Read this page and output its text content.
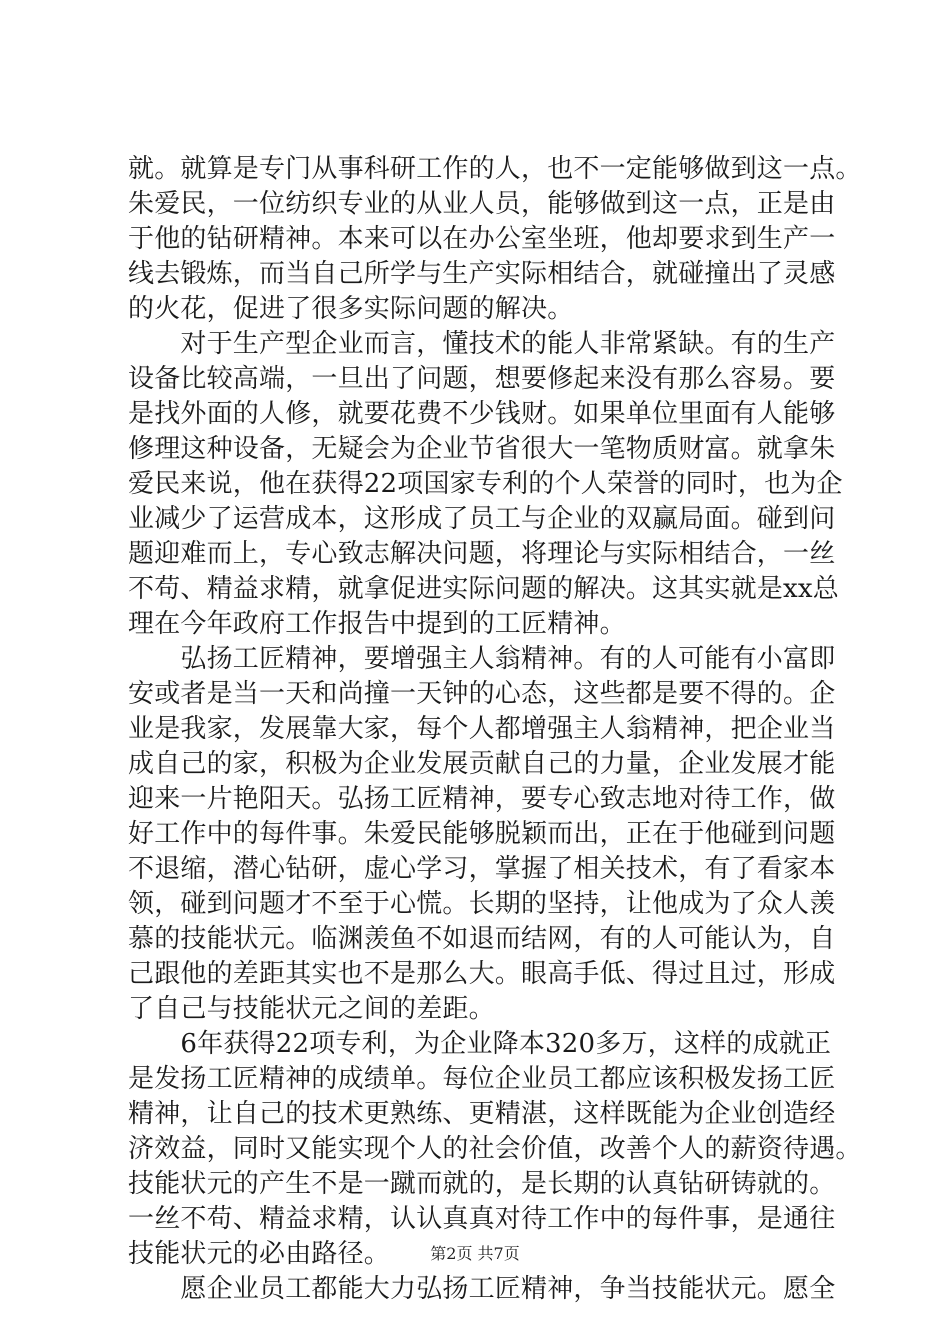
就。就算是专门从事科研工作的人，也不一定能够做到这一点。
朱爱民，一位纺织专业的从业人员，能够做到这一点，正是由
于他的钻研精神。本来可以在办公室坐班，他却要求到生产一
线去锻炼，而当自己所学与生产实际相结合，就碰撞出了灵感
的火花，促进了很多实际问题的解决。
　　对于生产型企业而言，懂技术的能人非常紧缺。有的生产
设备比较高端，一旦出了问题，想要修起来没有那么容易。要
是找外面的人修，就要花费不少钱财。如果单位里面有人能够
修理这种设备，无疑会为企业节省很大一笔物质财富。就拿朱
爱民来说，他在获得22项国家专利的个人荣誉的同时，也为企
业减少了运营成本，这形成了员工与企业的双赢局面。碰到问
题迎难而上，专心致志解决问题，将理论与实际相结合，一丝
不苟、精益求精，就拿促进实际问题的解决。这其实就是xx总
理在今年政府工作报告中提到的工匠精神。
　　弘扬工匠精神，要增强主人翁精神。有的人可能有小富即
安或者是当一天和尚撞一天钟的心态，这些都是要不得的。企
业是我家，发展靠大家，每个人都增强主人翁精神，把企业当
成自己的家，积极为企业发展贡献自己的力量，企业发展才能
迎来一片艳阳天。弘扬工匠精神，要专心致志地对待工作，做
好工作中的每件事。朱爱民能够脱颖而出，正在于他碰到问题
不退缩，潜心钻研，虚心学习，掌握了相关技术，有了看家本
领，碰到问题才不至于心慌。长期的坚持，让他成为了众人羡
慕的技能状元。临渊羡鱼不如退而结网，有的人可能认为，自
己跟他的差距其实也不是那么大。眼高手低、得过且过，形成
了自己与技能状元之间的差距。
　　6年获得22项专利，为企业降本320多万，这样的成就正
是发扬工匠精神的成绩单。每位企业员工都应该积极发扬工匠
精神，让自己的技术更熟练、更精湛，这样既能为企业创造经
济效益，同时又能实现个人的社会价值，改善个人的薪资待遇。
技能状元的产生不是一蹴而就的，是长期的认真钻研铸就的。
一丝不苟、精益求精，认认真真对待工作中的每件事，是通往
技能状元的必由路径。
　　愿企业员工都能大力弘扬工匠精神，争当技能状元。愿全
第2页 共7页
